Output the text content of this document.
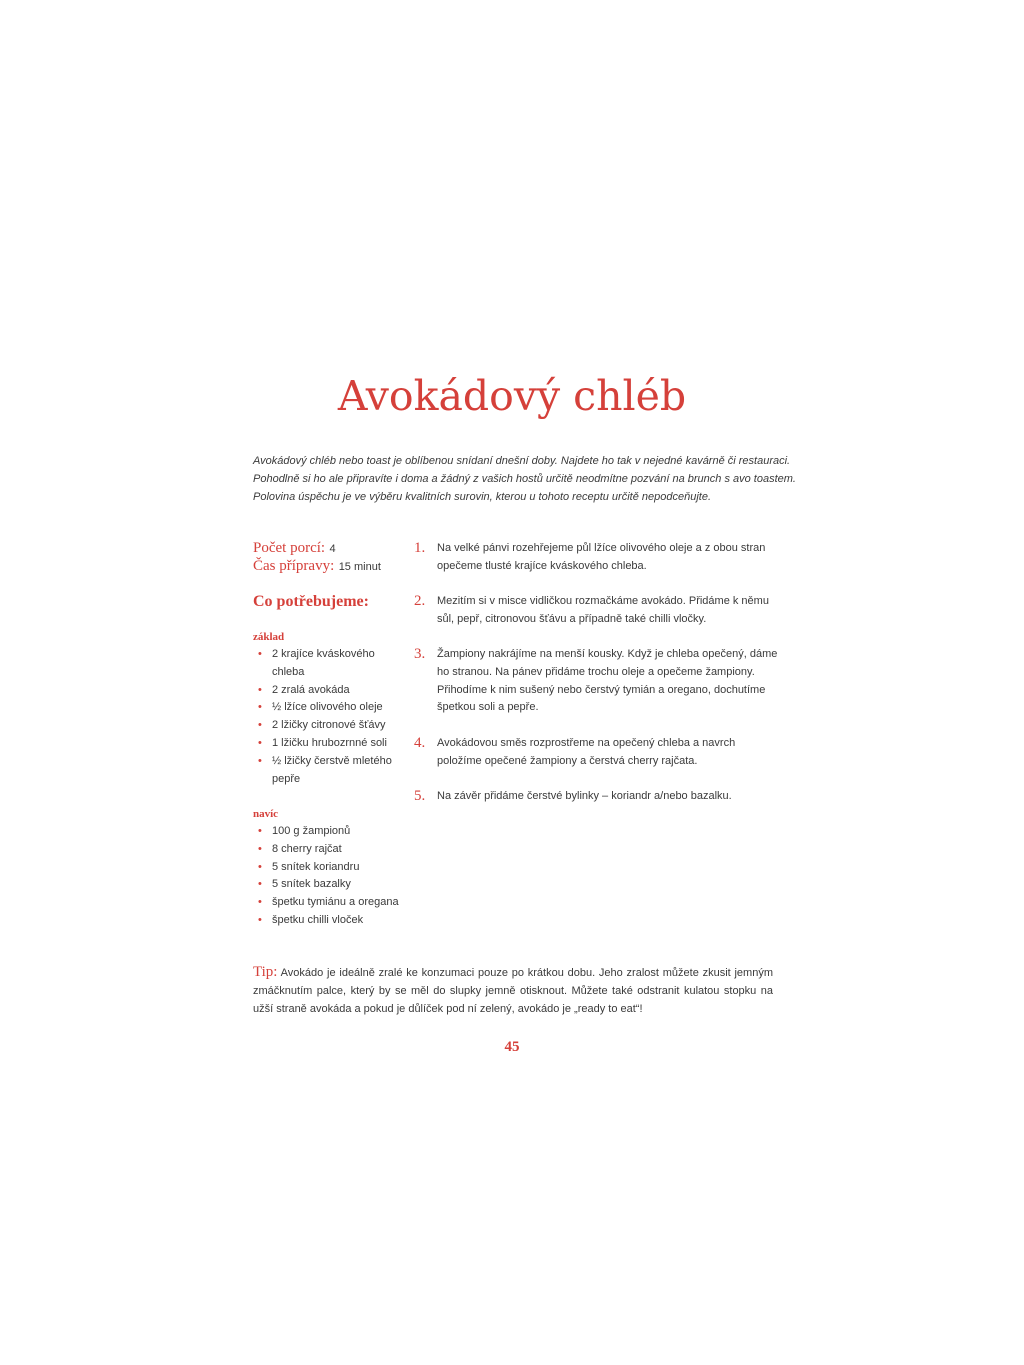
Avokádový chléb

Avokádový chléb nebo toast je oblíbenou snídaní dnešní doby. Najdete ho tak v nejedné kavárně či restauraci.

Pohodlně si ho ale připravíte i doma a žádný z vašich hostů určitě neodmítne pozvání na brunch s avo toastem.

Polovina úspěchu je ve výběru kvalitních surovin, kterou u tohoto receptu určitě nepodceňujte.

Počet porcí: 4
Čas přípravy: 15 minut
Co potřebujeme:
základ
• 2 krajíce kváskového chleba
• 2 zralá avokáda
• ½ lžíce olivového oleje
• 2 lžičky citronové šťávy
• 1 lžičku hrubozrnné soli
• ½ lžičky čerstvě mletého pepře
navíc
• 100 g žampionů
• 8 cherry rajčat
• 5 snítek koriandru
• 5 snítek bazalky
• špetku tymiánu a oregana
• špetku chilli vloček
1.	Na velké pánvi rozehřejeme půl lžíce olivového oleje a z obou stran opečeme tlusté krajíce kváskového chleba.
2.	Mezitím si v misce vidličkou rozmačkáme avokádo. Přidáme k němu sůl, pepř, citronovou šťávu a případně také chilli vločky.
3.	Žampiony nakrájíme na menší kousky. Když je chleba opečený, dáme ho stranou. Na pánev přidáme trochu oleje a opečeme žampiony. Přihodíme k nim sušený nebo čerstvý tymián a oregano, dochutíme špetkou soli a pepře.
4.	Avokádovou směs rozprostřeme na opečený chleba a navrch položíme opečené žampiony a čerstvá cherry rajčata.
5.	Na závěr přidáme čerstvé bylinky – koriandr a/nebo bazalku.
Tip: Avokádo je ideálně zralé ke konzumaci pouze po krátkou dobu. Jeho zralost můžete zkusit jemným zmáčknutím palce, který by se měl do slupky jemně otisknout. Můžete také odstranit kulatou stopku na užší straně avokáda a pokud je důlíček pod ní zelený, avokádo je „ready to eat“!
45
